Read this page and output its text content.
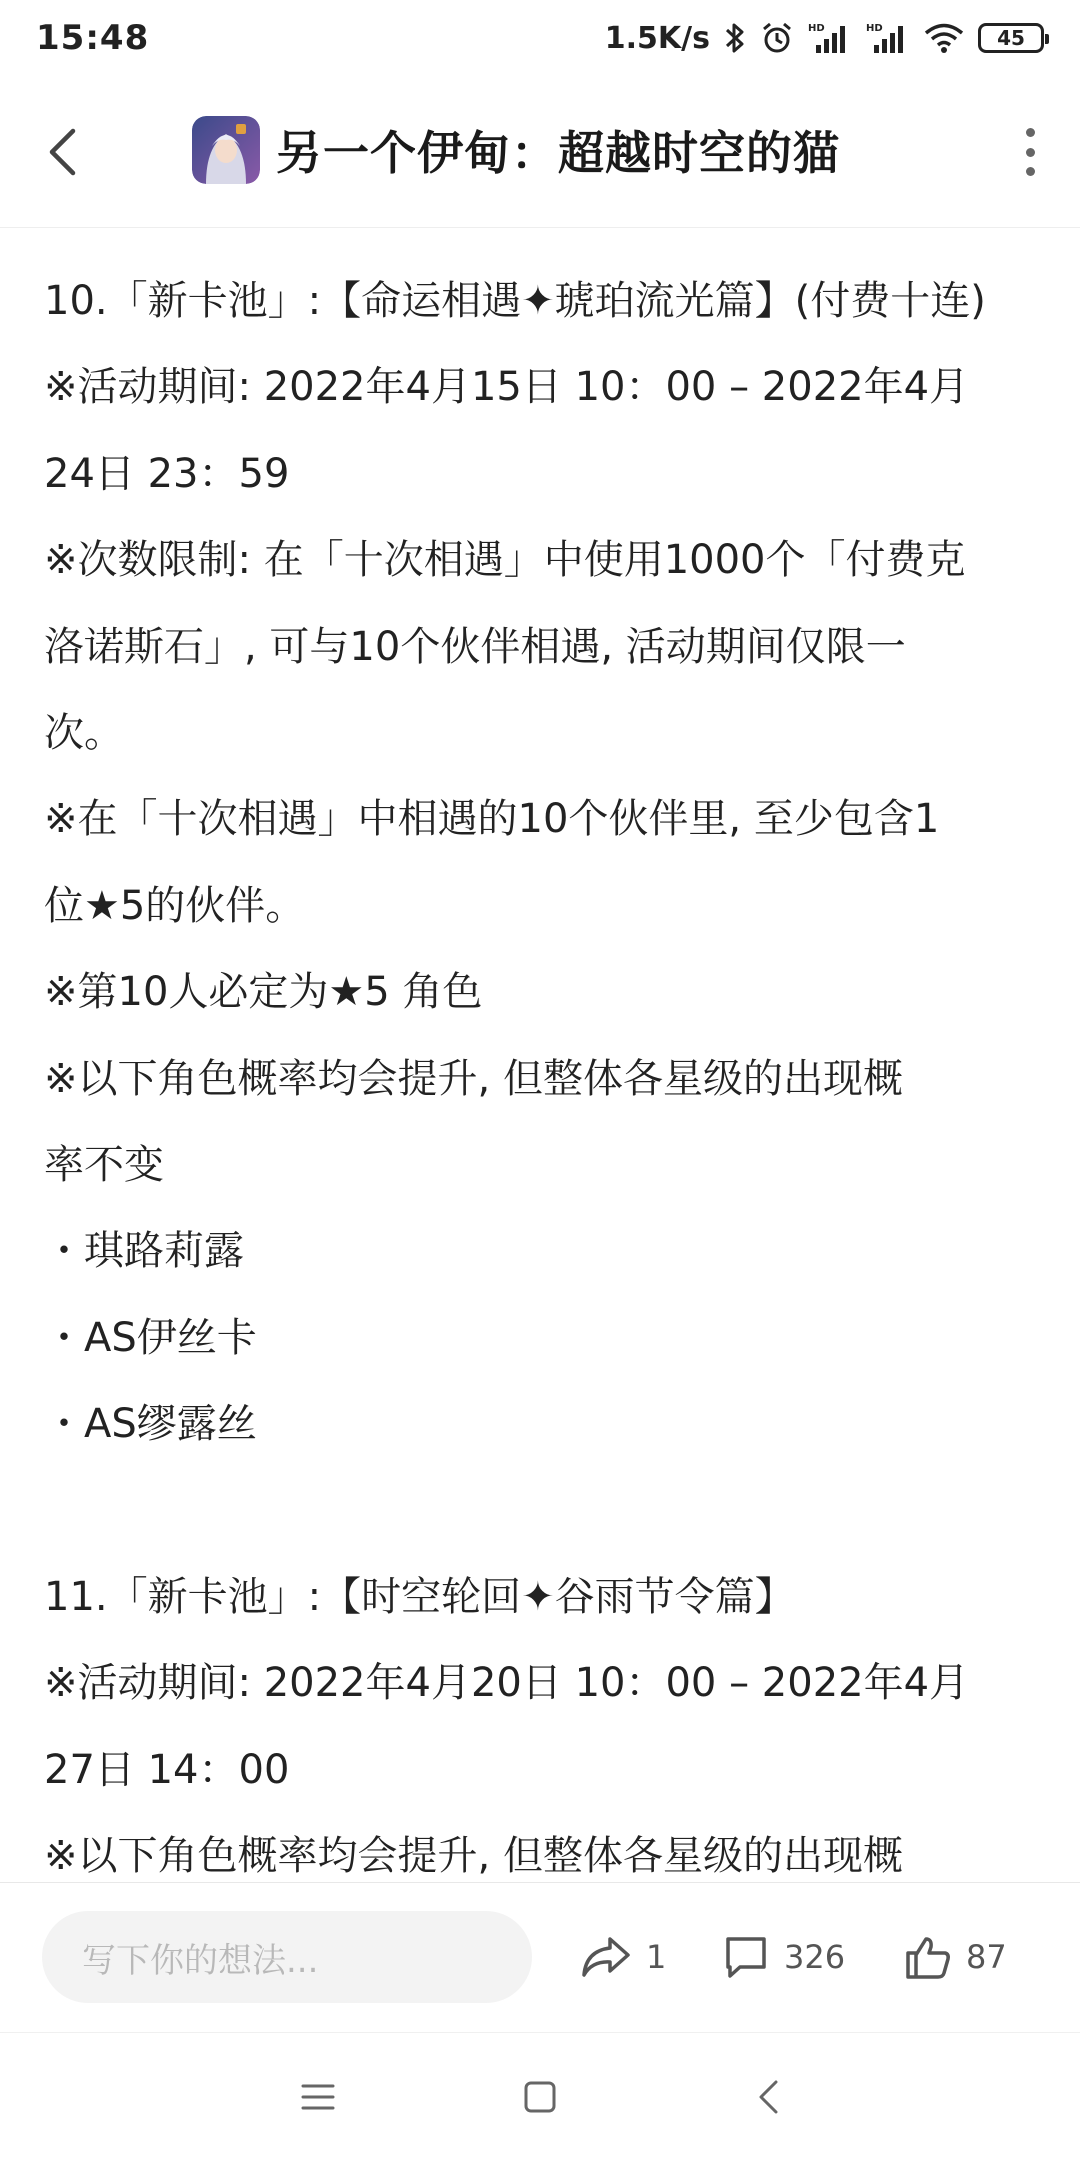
15:48	1.5K/s	HD	HD	45
另一个伊甸：超越时空的猫
10.「新卡池」:【命运相遇✦琥珀流光篇】(付费十连)
※活动期间: 2022年4月15日 10：00 – 2022年4月
24日 23：59
※次数限制: 在「十次相遇」中使用1000个「付费克
洛诺斯石」, 可与10个伙伴相遇, 活动期间仅限一
次。
※在「十次相遇」中相遇的10个伙伴里, 至少包含1
位★5的伙伴。
※第10人必定为★5 角色
※以下角色概率均会提升, 但整体各星级的出现概
率不变
・琪路莉露
・AS伊丝卡
・AS缪露丝
11.「新卡池」:【时空轮回✦谷雨节令篇】
※活动期间: 2022年4月20日 10：00 – 2022年4月
27日 14：00
※以下角色概率均会提升, 但整体各星级的出现概
写下你的想法...	1	326	87
